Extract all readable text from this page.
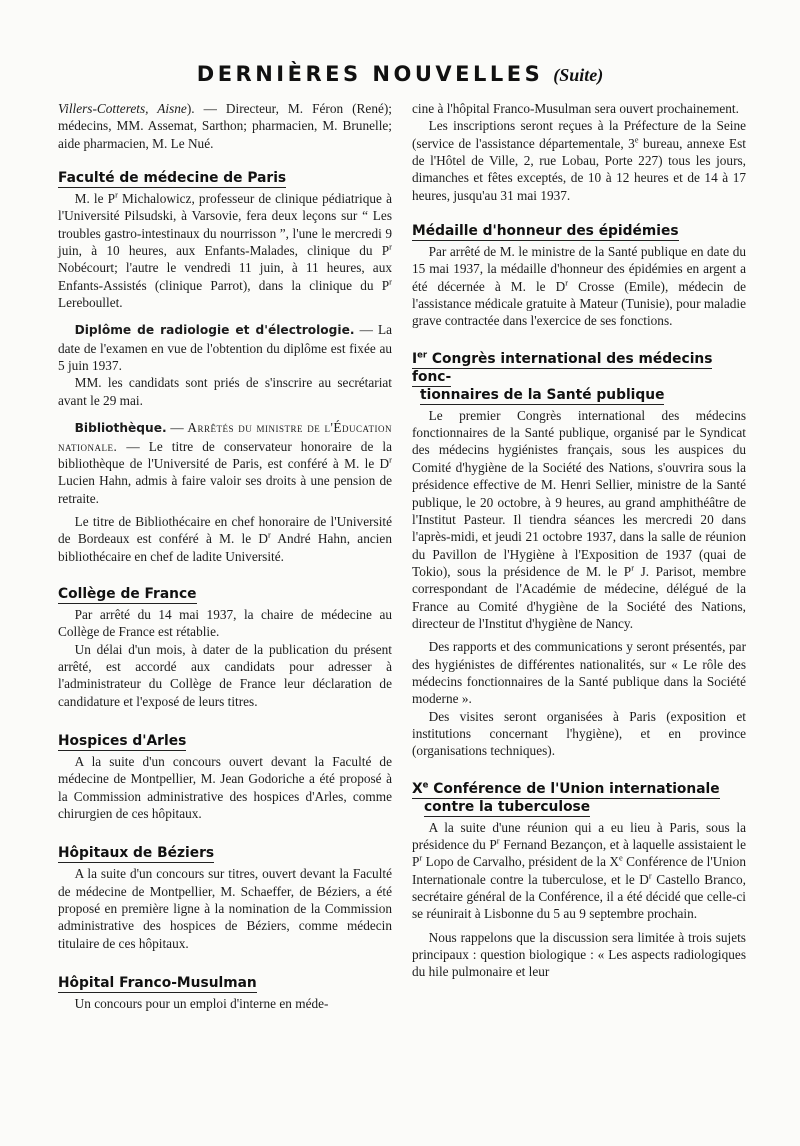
DERNIÈRES NOUVELLES (Suite)

Villers-Cotterets, Aisne). — Directeur, M. Féron (René); médecins, MM. Assemat, Sarthon; pharmacien, M. Brunelle; aide pharmacien, M. Le Nué.

Faculté de médecine de Paris

M. le $P^r$ Michalowicz, professeur de clinique pédiatrique à l'Université Pilsudski, à Varsovie, fera deux leçons sur “ Les troubles gastro-intestinaux du nourrisson ”, l'une le mercredi 9 juin, à 10 heures, aux Enfants-Malades, clinique du $P^r$ Nobécourt; l'autre le vendredi 11 juin, à 11 heures, aux Enfants-Assistés (clinique Parrot), dans la clinique du $P^r$ Lereboullet.

Diplôme de radiologie et d'électrologie. — La date de l'examen en vue de l'obtention du diplôme est fixée au 5 juin 1937.

MM. les candidats sont priés de s'inscrire au secrétariat avant le 29 mai.

Bibliothèque. — Arrêtés du ministre de l'Éducation nationale. — Le titre de conservateur honoraire de la bibliothèque de l'Université de Paris, est conféré à M. le $D^r$ Lucien Hahn, admis à faire valoir ses droits à une pension de retraite.

Le titre de Bibliothécaire en chef honoraire de l'Université de Bordeaux est conféré à M. le $D^r$ André Hahn, ancien bibliothécaire en chef de ladite Université.

Collège de France

Par arrêté du 14 mai 1937, la chaire de médecine au Collège de France est rétablie.

Un délai d'un mois, à dater de la publication du présent arrêté, est accordé aux candidats pour adresser à l'administrateur du Collège de France leur déclaration de candidature et l'exposé de leurs titres.

Hospices d'Arles

A la suite d'un concours ouvert devant la Faculté de médecine de Montpellier, M. Jean Godoriche a été proposé à la Commission administrative des hospices d'Arles, comme chirurgien de ces hôpitaux.

Hôpitaux de Béziers

A la suite d'un concours sur titres, ouvert devant la Faculté de médecine de Montpellier, M. Schaeffer, de Béziers, a été proposé en première ligne à la nomination de la Commission administrative des hospices de Béziers, comme médecin titulaire de ces hôpitaux.

Hôpital Franco-Musulman

Un concours pour un emploi d'interne en méde-

cine à l'hôpital Franco-Musulman sera ouvert prochainement.

Les inscriptions seront reçues à la Préfecture de la Seine (service de l'assistance départementale, 3e bureau, annexe Est de l'Hôtel de Ville, 2, rue Lobau, Porte 227) tous les jours, dimanches et fêtes exceptés, de 10 à 12 heures et de 14 à 17 heures, jusqu'au 31 mai 1937.

Médaille d'honneur des épidémies

Par arrêté de M. le ministre de la Santé publique en date du 15 mai 1937, la médaille d'honneur des épidémies en argent a été décernée à M. le $D^r$ Crosse (Emile), médecin de l'assistance médicale gratuite à Mateur (Tunisie), pour maladie grave contractée dans l'exercice de ses fonctions.

Ier Congrès international des médecins fonc-
tionnaires de la Santé publique

Le premier Congrès international des médecins fonctionnaires de la Santé publique, organisé par le Syndicat des médecins hygiénistes français, sous les auspices du Comité d'hygiène de la Société des Nations, s'ouvrira sous la présidence effective de M. Henri Sellier, ministre de la Santé publique, le 20 octobre, à 9 heures, au grand amphithéâtre de l'Institut Pasteur. Il tiendra séances les mercredi 20 dans l'après-midi, et jeudi 21 octobre 1937, dans la salle de réunion du Pavillon de l'Hygiène à l'Exposition de 1937 (quai de Tokio), sous la présidence de M. le $P^r$ J. Parisot, membre correspondant de l'Académie de médecine, délégué de la France au Comité d'hygiène de la Société des Nations, directeur de l'Institut d'hygiène de Nancy.

Des rapports et des communications y seront présentés, par des hygiénistes de différentes nationalités, sur « Le rôle des médecins fonctionnaires de la Santé publique dans la Société moderne ».

Des visites seront organisées à Paris (exposition et institutions concernant l'hygiène), et en province (organisations techniques).

Xe Conférence de l'Union internationale
contre la tuberculose

A la suite d'une réunion qui a eu lieu à Paris, sous la présidence du $P^r$ Fernand Bezançon, et à laquelle assistaient le $P^r$ Lopo de Carvalho, président de la Xe Conférence de l'Union Internationale contre la tuberculose, et le $D^r$ Castello Branco, secrétaire général de la Conférence, il a été décidé que celle-ci se réunirait à Lisbonne du 5 au 9 septembre prochain.

Nous rappelons que la discussion sera limitée à trois sujets principaux : question biologique : « Les aspects radiologiques du hile pulmonaire et leur
